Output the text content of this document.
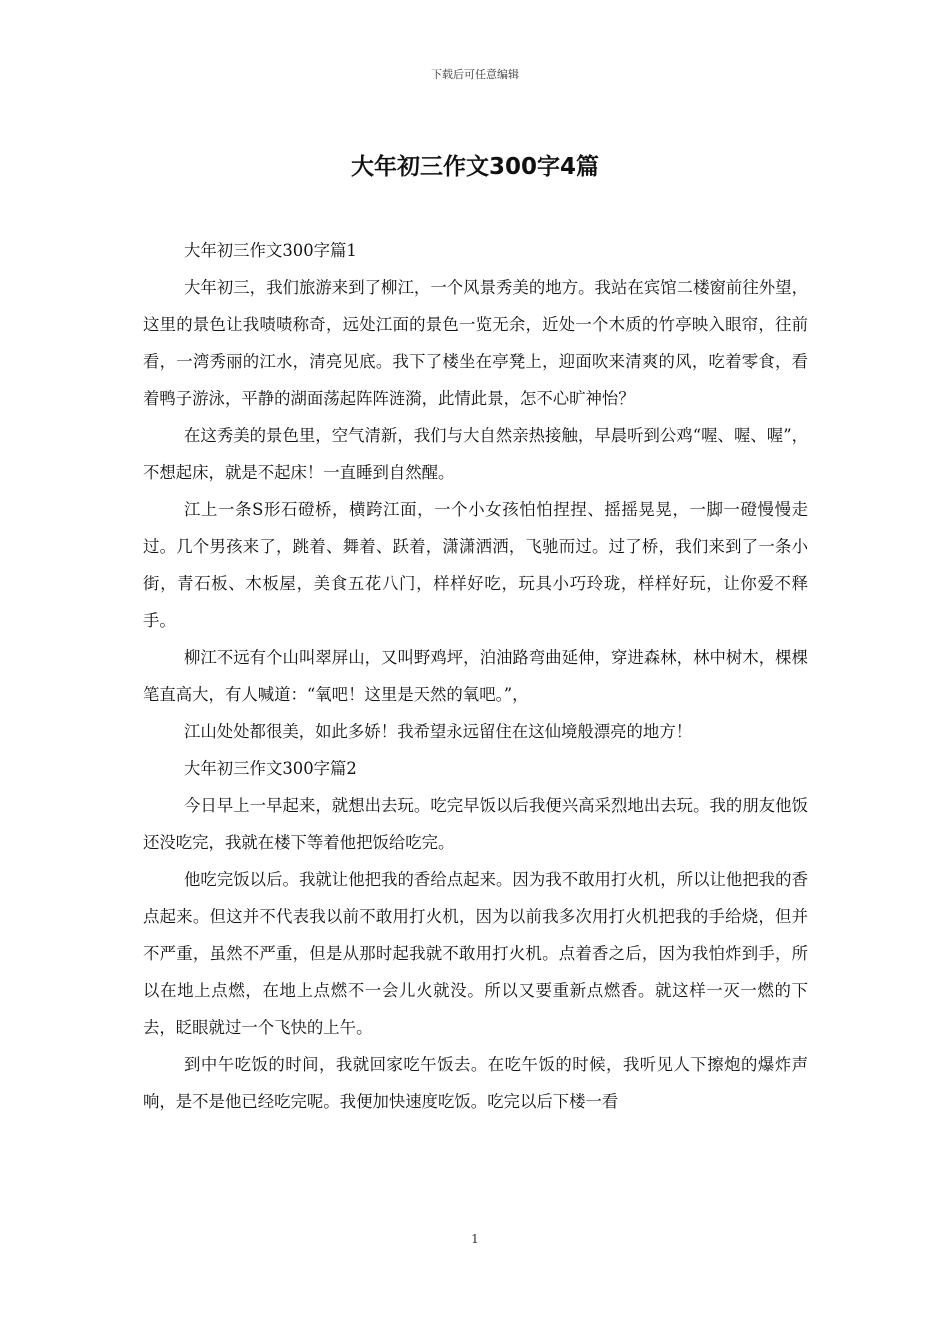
下载后可任意编辑
大年初三作文300字4篇

大年初三作文300字篇1

大年初三，我们旅游来到了柳江，一个风景秀美的地方。我站在宾馆二楼窗前往外望，这里的景色让我啧啧称奇，远处江面的景色一览无余，近处一个木质的竹亭映入眼帘，往前看，一湾秀丽的江水，清亮见底。我下了楼坐在亭凳上，迎面吹来清爽的风，吃着零食，看着鸭子游泳，平静的湖面荡起阵阵涟漪，此情此景，怎不心旷神怡？

在这秀美的景色里，空气清新，我们与大自然亲热接触，早晨听到公鸡“喔、喔、喔”，不想起床，就是不起床！一直睡到自然醒。

江上一条S形石磴桥，横跨江面，一个小女孩怕怕捏捏、摇摇晃晃，一脚一磴慢慢走过。几个男孩来了，跳着、舞着、跃着，潇潇洒洒，飞驰而过。过了桥，我们来到了一条小街，青石板、木板屋，美食五花八门，样样好吃，玩具小巧玲珑，样样好玩，让你爱不释手。

柳江不远有个山叫翠屏山，又叫野鸡坪，泊油路弯曲延伸，穿进森林，林中树木，棵棵笔直高大，有人喊道：“氧吧！这里是天然的氧吧。”，

江山处处都很美，如此多娇！我希望永远留住在这仙境般漂亮的地方！

大年初三作文300字篇2

今日早上一早起来，就想出去玩。吃完早饭以后我便兴高采烈地出去玩。我的朋友他饭还没吃完，我就在楼下等着他把饭给吃完。

他吃完饭以后。我就让他把我的香给点起来。因为我不敢用打火机，所以让他把我的香点起来。但这并不代表我以前不敢用打火机，因为以前我多次用打火机把我的手给烧，但并不严重，虽然不严重，但是从那时起我就不敢用打火机。点着香之后，因为我怕炸到手，所以在地上点燃，在地上点燃不一会儿火就没。所以又要重新点燃香。就这样一灭一燃的下去，眨眼就过一个飞快的上午。

到中午吃饭的时间，我就回家吃午饭去。在吃午饭的时候，我听见人下擦炮的爆炸声响，是不是他已经吃完呢。我便加快速度吃饭。吃完以后下楼一看

1
